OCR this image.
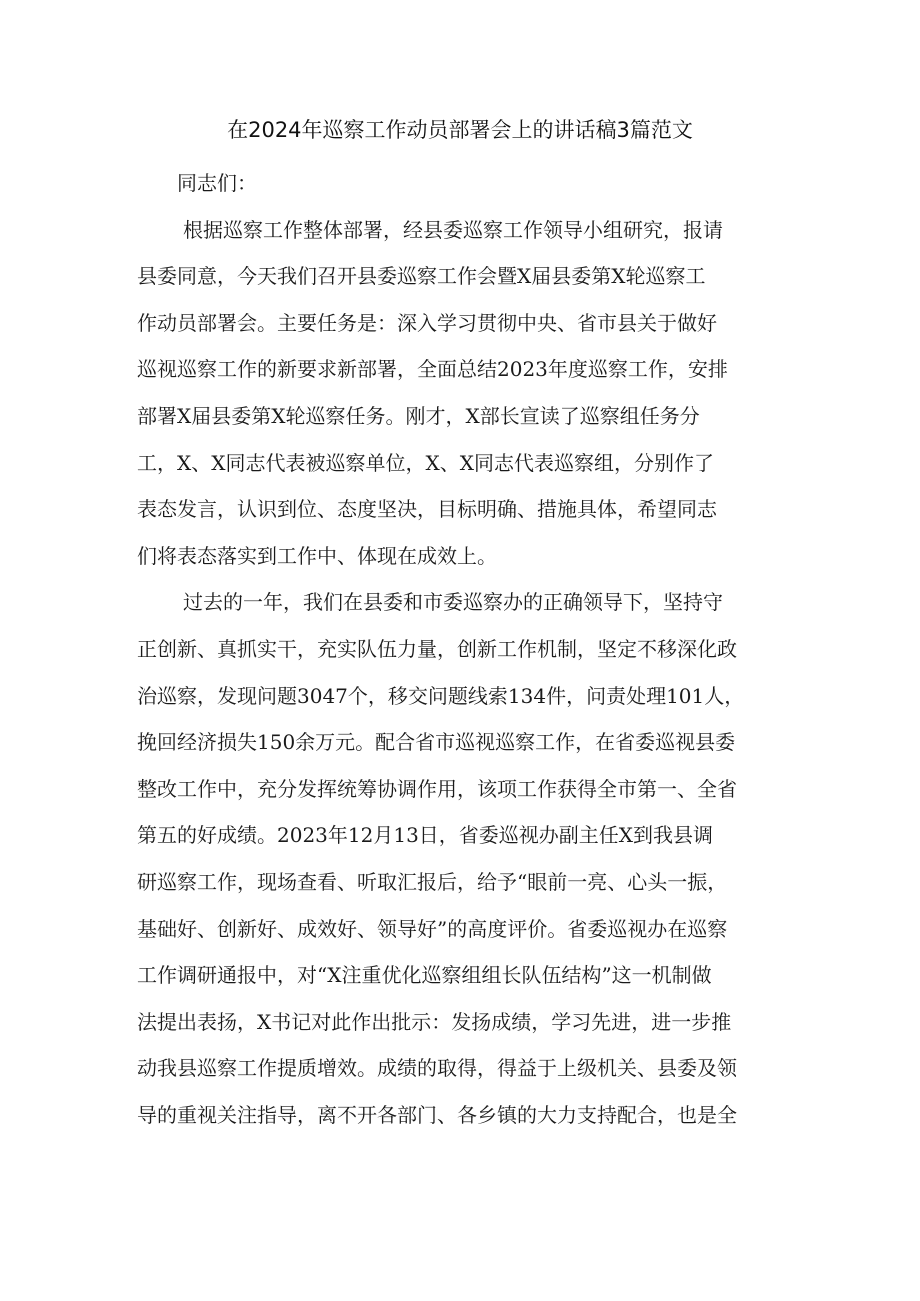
在2024年巡察工作动员部署会上的讲话稿3篇范文

同志们：

根据巡察工作整体部署，经县委巡察工作领导小组研究，报请
县委同意，今天我们召开县委巡察工作会暨X届县委第X轮巡察工
作动员部署会。主要任务是：深入学习贯彻中央、省市县关于做好
巡视巡察工作的新要求新部署，全面总结2023年度巡察工作，安排
部署X届县委第X轮巡察任务。刚才，X部长宣读了巡察组任务分
工，X、X同志代表被巡察单位，X、X同志代表巡察组，分别作了
表态发言，认识到位、态度坚决，目标明确、措施具体，希望同志
们将表态落实到工作中、体现在成效上。
过去的一年，我们在县委和市委巡察办的正确领导下，坚持守
正创新、真抓实干，充实队伍力量，创新工作机制，坚定不移深化政
治巡察，发现问题3047个，移交问题线索134件，问责处理101人，
挽回经济损失150余万元。配合省市巡视巡察工作，在省委巡视县委
整改工作中，充分发挥统筹协调作用，该项工作获得全市第一、全省
第五的好成绩。2023年12月13日，省委巡视办副主任X到我县调
研巡察工作，现场查看、听取汇报后，给予“眼前一亮、心头一振，
基础好、创新好、成效好、领导好”的高度评价。省委巡视办在巡察
工作调研通报中，对“X注重优化巡察组组长队伍结构”这一机制做
法提出表扬，X书记对此作出批示：发扬成绩，学习先进，进一步推
动我县巡察工作提质增效。成绩的取得，得益于上级机关、县委及领
导的重视关注指导，离不开各部门、各乡镇的大力支持配合，也是全
